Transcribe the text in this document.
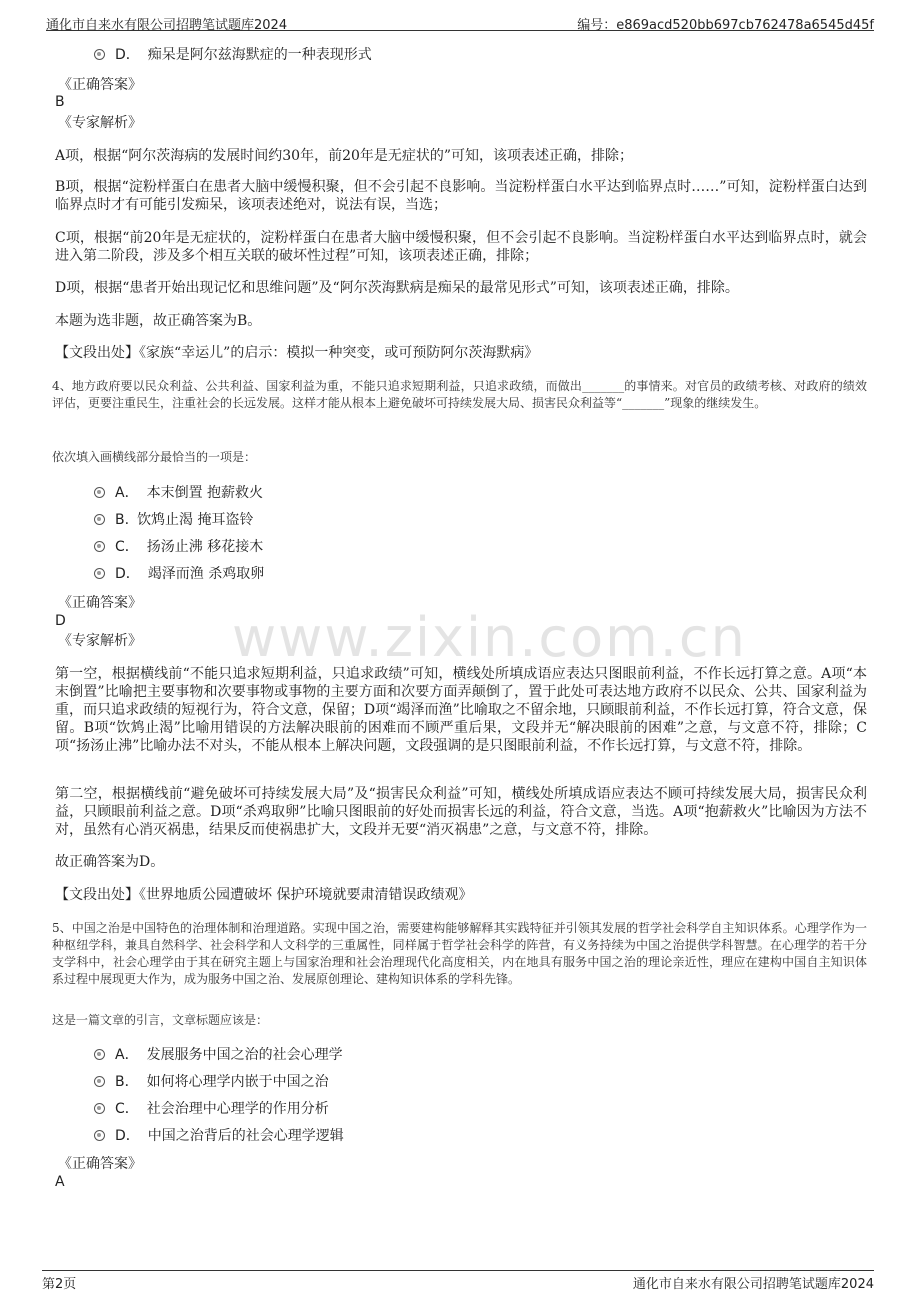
通化市自来水有限公司招聘笔试题库2024	编号：e869acd520bb697cb762478a6545d45f
www.zixin.com.cn
D． 痴呆是阿尔兹海默症的一种表现形式
《正确答案》
B
《专家解析》
A项，根据“阿尔茨海病的发展时间约30年，前20年是无症状的”可知，该项表述正确，排除；
B项，根据“淀粉样蛋白在患者大脑中缓慢积聚，但不会引起不良影响。当淀粉样蛋白水平达到临界点时……”可知，淀粉样蛋白达到临界点时才有可能引发痴呆，该项表述绝对，说法有误，当选；
C项，根据“前20年是无症状的，淀粉样蛋白在患者大脑中缓慢积聚，但不会引起不良影响。当淀粉样蛋白水平达到临界点时，就会进入第二阶段，涉及多个相互关联的破坏性过程”可知，该项表述正确，排除；
D项，根据“患者开始出现记忆和思维问题”及“阿尔茨海默病是痴呆的最常见形式”可知，该项表述正确，排除。
本题为选非题，故正确答案为B。
【文段出处】《家族“幸运儿”的启示：模拟一种突变，或可预防阿尔茨海默病》
4、地方政府要以民众利益、公共利益、国家利益为重，不能只追求短期利益，只追求政绩，而做出_______的事情来。对官员的政绩考核、对政府的绩效评估，更要注重民生，注重社会的长远发展。这样才能从根本上避免破坏可持续发展大局、损害民众利益等“_______”现象的继续发生。
依次填入画横线部分最恰当的一项是：
A． 本末倒置 抱薪救火
B. 饮鸩止渴 掩耳盗铃
C． 扬汤止沸 移花接木
D． 竭泽而渔 杀鸡取卵
《正确答案》
D
《专家解析》
第一空，根据横线前“不能只追求短期利益，只追求政绩”可知，横线处所填成语应表达只图眼前利益，不作长远打算之意。A项“本末倒置”比喻把主要事物和次要事物或事物的主要方面和次要方面弄颠倒了，置于此处可表达地方政府不以民众、公共、国家利益为重，而只追求政绩的短视行为，符合文意，保留；D项“竭泽而渔”比喻取之不留余地，只顾眼前利益，不作长远打算，符合文意，保留。B项“饮鸩止渴”比喻用错误的方法解决眼前的困难而不顾严重后果，文段并无“解决眼前的困难”之意，与文意不符，排除；C项“扬汤止沸”比喻办法不对头，不能从根本上解决问题，文段强调的是只图眼前利益，不作长远打算，与文意不符，排除。
第二空，根据横线前“避免破坏可持续发展大局”及“损害民众利益”可知，横线处所填成语应表达不顾可持续发展大局，损害民众利益，只顾眼前利益之意。D项“杀鸡取卵”比喻只图眼前的好处而损害长远的利益，符合文意，当选。A项“抱薪救火”比喻因为方法不对，虽然有心消灭祸患，结果反而使祸患扩大，文段并无要“消灭祸患”之意，与文意不符，排除。
故正确答案为D。
【文段出处】《世界地质公园遭破坏 保护环境就要肃清错误政绩观》
5、中国之治是中国特色的治理体制和治理道路。实现中国之治，需要建构能够解释其实践特征并引领其发展的哲学社会科学自主知识体系。心理学作为一种枢纽学科，兼具自然科学、社会科学和人文科学的三重属性，同样属于哲学社会科学的阵营，有义务持续为中国之治提供学科智慧。在心理学的若干分支学科中，社会心理学由于其在研究主题上与国家治理和社会治理现代化高度相关，内在地具有服务中国之治的理论亲近性，理应在建构中国自主知识体系过程中展现更大作为，成为服务中国之治、发展原创理论、建构知识体系的学科先锋。
这是一篇文章的引言，文章标题应该是：
A． 发展服务中国之治的社会心理学
B． 如何将心理学内嵌于中国之治
C． 社会治理中心理学的作用分析
D． 中国之治背后的社会心理学逻辑
《正确答案》
A
第2页	通化市自来水有限公司招聘笔试题库2024
